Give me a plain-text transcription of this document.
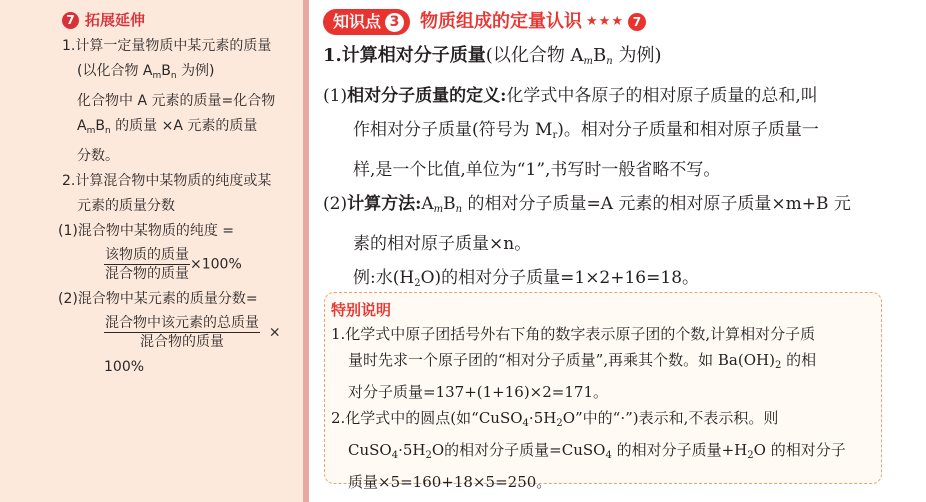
7 拓展延伸

1.计算一定量物质中某元素的质量

(以化合物 $A_mB_n$ 为例)

化合物中 A 元素的质量=化合物

$A_mB_n$ 的质量 ×A 元素的质量

分数。

2.计算混合物中某物质的纯度或某

元素的质量分数

(1)混合物中某物质的纯度 =

$\frac{\text{该物质的质量}}{\text{混合物的质量}} \times 100\%$

(2)混合物中某元素的质量分数=

$\frac{\text{混合物中该元素的总质量}}{\text{混合物的质量}}$ ×

100%

知识点 3 物质组成的定量认识 ★★★ 7

1.计算相对分子质量(以化合物 AmBn 为例)

(1)相对分子质量的定义:化学式中各原子的相对原子质量的总和,叫

作相对分子质量(符号为 Mr)。相对分子质量和相对原子质量一

样,是一个比值,单位为“1”,书写时一般省略不写。

(2)计算方法:AmBn 的相对分子质量=A 元素的相对原子质量×m+B 元

素的相对原子质量×n。

例:水(H2O)的相对分子质量=1×2+16=18。

特别说明

1.化学式中原子团括号外右下角的数字表示原子团的个数,计算相对分子质

量时先求一个原子团的“相对分子质量”,再乘其个数。如 $Ba(OH)_2$ 的相

对分子质量=137+(1+16)×2=171。

2.化学式中的圆点(如“$CuSO_4\cdot 5H_2O$”中的“·”)表示和,不表示积。则

$CuSO_4\cdot 5H_2O$的相对分子质量=CuSO$_4$ 的相对分子质量$+H_2O$ 的相对分子

质量×5=160+18×5=250。
